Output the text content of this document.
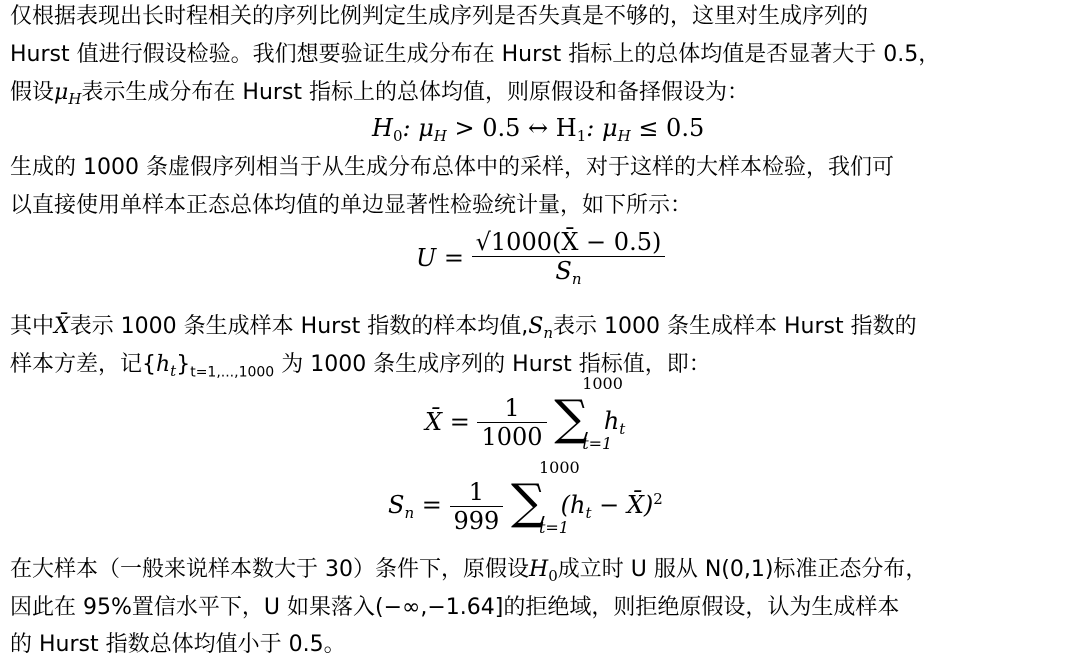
仅根据表现出长时程相关的序列比例判定生成序列是否失真是不够的，这里对生成序列的
Hurst 值进行假设检验。我们想要验证生成分布在 Hurst 指标上的总体均值是否显著大于 0.5，
假设$\mu_H$表示生成分布在 Hurst 指标上的总体均值，则原假设和备择假设为：
$H_0$: $\mu_H > 0.5$ ↔ $H_1$: $\mu_H \le 0.5$
生成的 1000 条虚假序列相当于从生成分布总体中的采样，对于这样的大样本检验，我们可
以直接使用单样本正态总体均值的单边显著性检验统计量，如下所示：
$U = \frac{√1000(X̄ - 0.5)}{S_n}$
其中X̄表示 1000 条生成样本 Hurst 指数的样本均值$,S_n$表示 1000 条生成样本 Hurst 指数的
样本方差，记$\{h_t\}_{t=1,...,1000}$ 为 1000 条生成序列的 Hurst 指标值，即：
X̄ = $\frac{1}{1000}$
∑
1000
t=1
$h_t$
$S_n = \frac{1}{999}$
∑
1000
t=1
($h_t$ − X̄)$^2$
在大样本（一般来说样本数大于 30）条件下，原假设$H_0$成立时 U 服从 N(0,1)标准正态分布，
因此在 95%置信水平下，U 如果落入(−∞,−1.64]的拒绝域，则拒绝原假设，认为生成样本
的 Hurst 指数总体均值小于 0.5。
